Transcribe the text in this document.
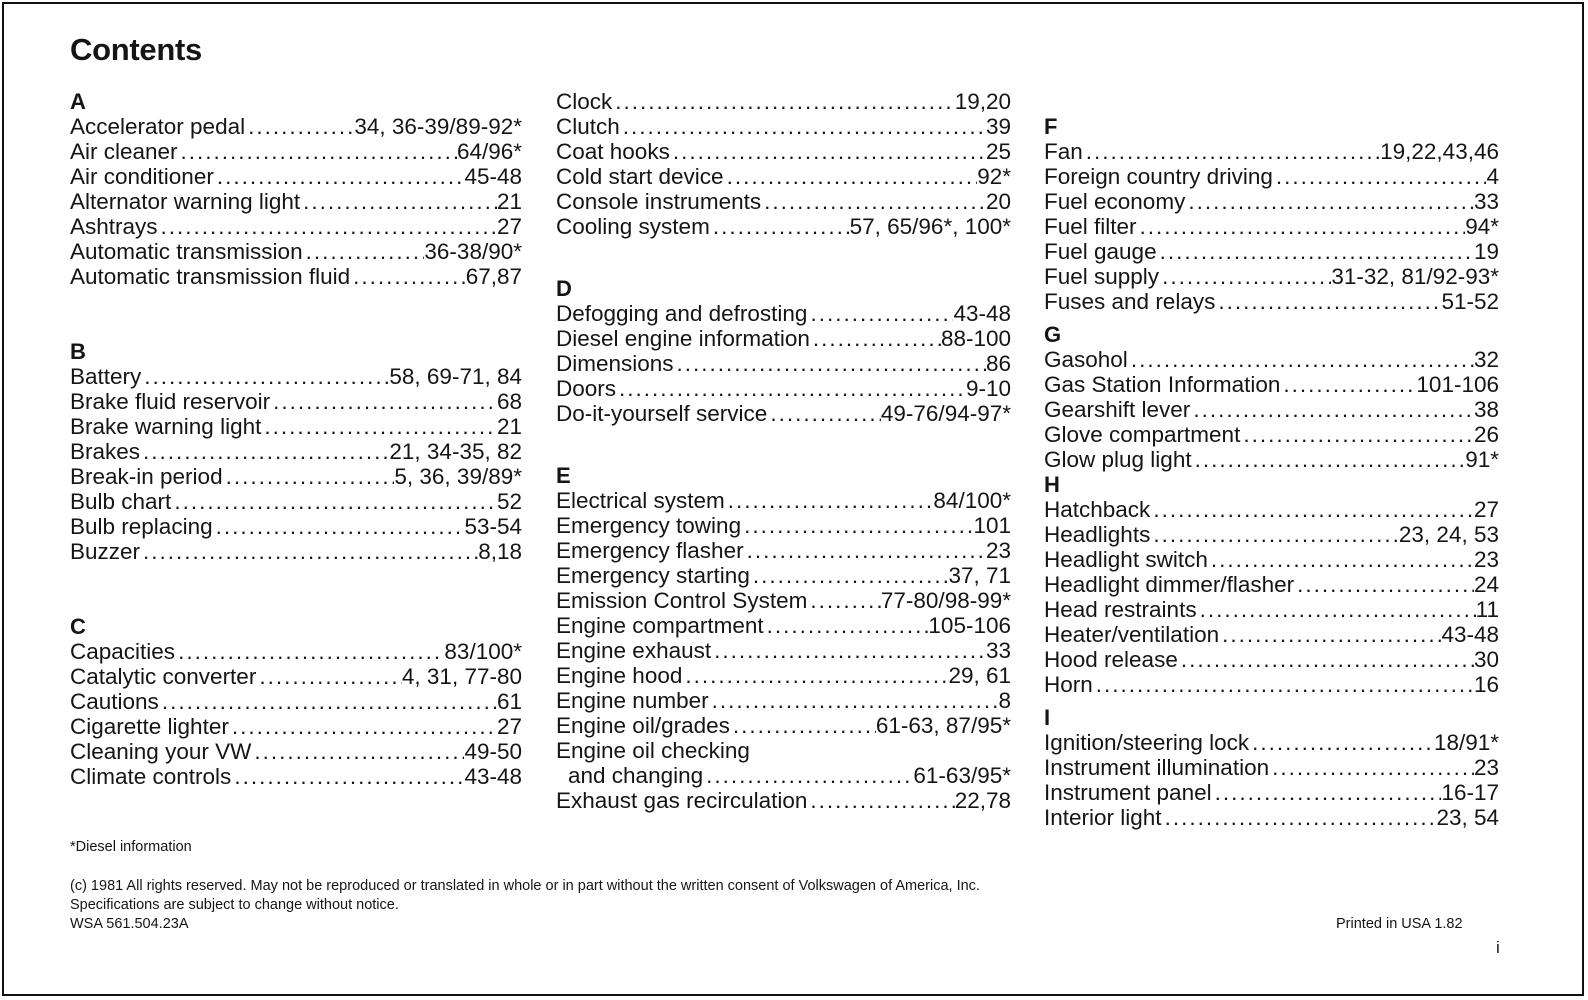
Contents
A
Accelerator pedal .....	34, 36-39/89-92*
Air cleaner .....	64/96*
Air conditioner .....	45-48
Alternator warning light .....	21
Ashtrays .....	27
Automatic transmission .....	36-38/90*
Automatic transmission fluid .....	67,87
B
Battery .....	58, 69-71, 84
Brake fluid reservoir .....	68
Brake warning light .....	21
Brakes .....	21, 34-35, 82
Break-in period .....	5, 36, 39/89*
Bulb chart .....	52
Bulb replacing .....	53-54
Buzzer .....	8,18
C
Capacities .....	83/100*
Catalytic converter .....	4, 31, 77-80
Cautions .....	61
Cigarette lighter .....	27
Cleaning your VW .....	49-50
Climate controls .....	43-48
Clock .....	19,20
Clutch .....	39
Coat hooks .....	25
Cold start device .....	92*
Console instruments .....	20
Cooling system .....	57, 65/96*, 100*
D
Defogging and defrosting .....	43-48
Diesel engine information .....	88-100
Dimensions .....	86
Doors .....	9-10
Do-it-yourself service .....	49-76/94-97*
E
Electrical system .....	84/100*
Emergency towing .....	101
Emergency flasher .....	23
Emergency starting .....	37, 71
Emission Control System .....	77-80/98-99*
Engine compartment .....	105-106
Engine exhaust .....	33
Engine hood .....	29, 61
Engine number .....	8
Engine oil/grades .....	61-63, 87/95*
Engine oil checking
and changing .....	61-63/95*
Exhaust gas recirculation .....	22,78
F
Fan .....	19,22,43,46
Foreign country driving .....	4
Fuel economy .....	33
Fuel filter .....	94*
Fuel gauge .....	19
Fuel supply .....	31-32, 81/92-93*
Fuses and relays .....	51-52
G
Gasohol .....	32
Gas Station Information .....	101-106
Gearshift lever .....	38
Glove compartment .....	26
Glow plug light .....	91*
H
Hatchback .....	27
Headlights .....	23, 24, 53
Headlight switch .....	23
Headlight dimmer/flasher .....	24
Head restraints .....	11
Heater/ventilation .....	43-48
Hood release .....	30
Horn .....	16
I
Ignition/steering lock .....	18/91*
Instrument illumination .....	23
Instrument panel .....	16-17
Interior light .....	23, 54
*Diesel information
(c) 1981 All rights reserved. May not be reproduced or translated in whole or in part without the written consent of Volkswagen of America, Inc.
Specifications are subject to change without notice.
WSA 561.504.23A	Printed in USA 1.82
i
